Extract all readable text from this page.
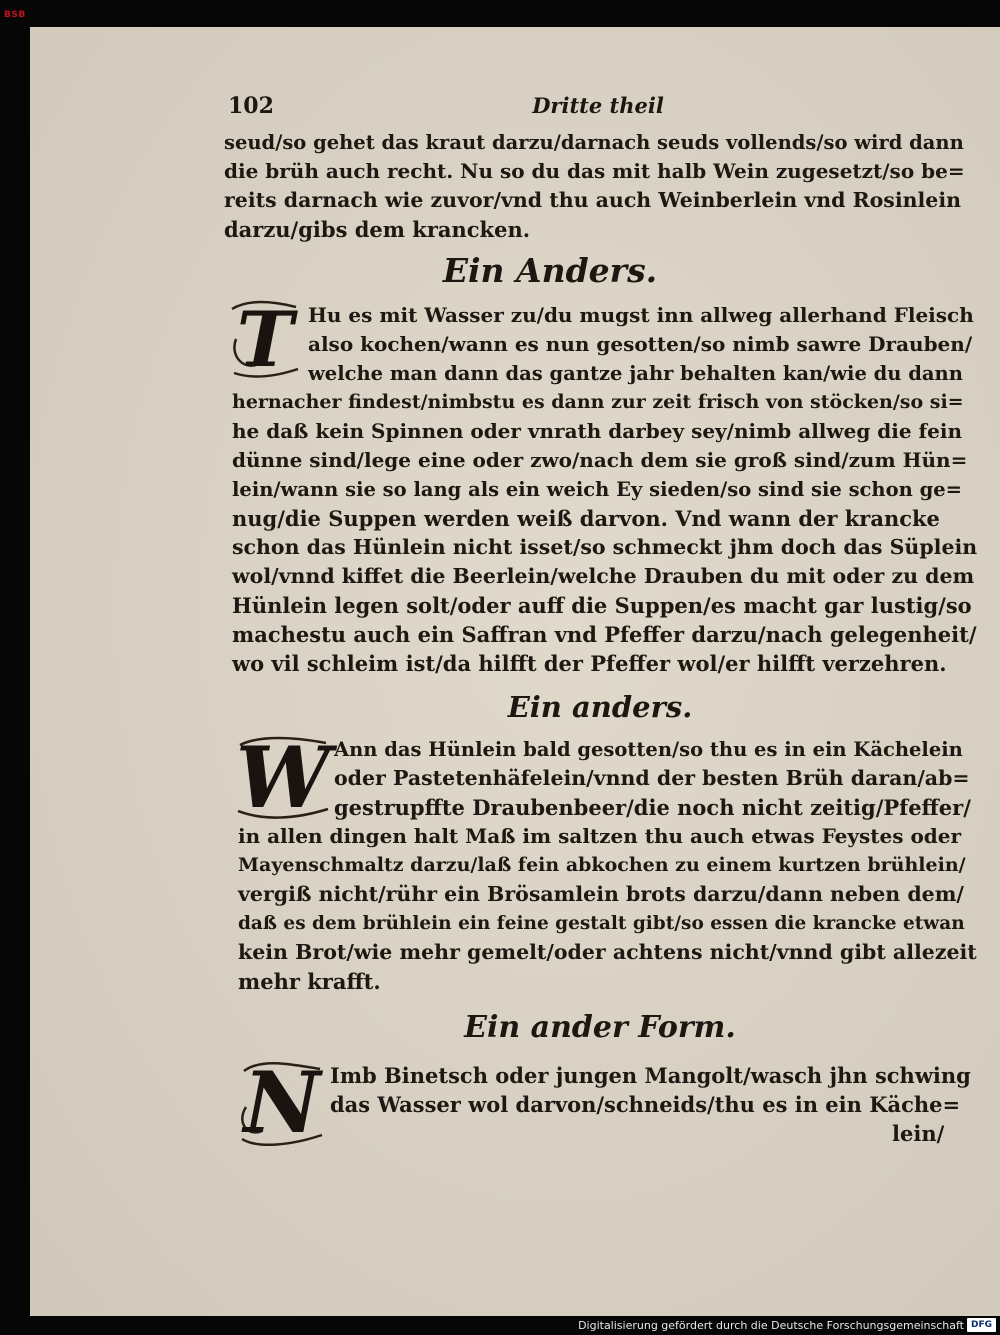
BSB
102	Dritte theil
seud/so gehet das kraut darzu/darnach seuds vollends/so wird dann
die brüh auch recht. Nu so du das mit halb Wein zugesetzt/so be=
reits darnach wie zuvor/vnd thu auch Weinberlein vnd Rosinlein
darzu/gibs dem krancken.
Ein Anders.
T Hu es mit Wasser zu/du mugst inn allweg allerhand Fleisch
also kochen/wann es nun gesotten/so nimb sawre Drauben/
welche man dann das gantze jahr behalten kan/wie du dann
hernacher findest/nimbstu es dann zur zeit frisch von stöcken/so si=
he daß kein Spinnen oder vnrath darbey sey/nimb allweg die fein
dünne sind/lege eine oder zwo/nach dem sie groß sind/zum Hün=
lein/wann sie so lang als ein weich Ey sieden/so sind sie schon ge=
nug/die Suppen werden weiß darvon. Vnd wann der krancke
schon das Hünlein nicht isset/so schmeckt jhm doch das Süplein
wol/vnnd kiffet die Beerlein/welche Drauben du mit oder zu dem
Hünlein legen solt/oder auff die Suppen/es macht gar lustig/so
machestu auch ein Saffran vnd Pfeffer darzu/nach gelegenheit/
wo vil schleim ist/da hilfft der Pfeffer wol/er hilfft verzehren.
Ein anders.
W Ann das Hünlein bald gesotten/so thu es in ein Kächelein
oder Pastetenhäfelein/vnnd der besten Brüh daran/ab=
gestrupffte Draubenbeer/die noch nicht zeitig/Pfeffer/
in allen dingen halt Maß im saltzen thu auch etwas Feystes oder
Mayenschmaltz darzu/laß fein abkochen zu einem kurtzen brühlein/
vergiß nicht/rühr ein Brösamlein brots darzu/dann neben dem/
daß es dem brühlein ein feine gestalt gibt/so essen die krancke etwan
kein Brot/wie mehr gemelt/oder achtens nicht/vnnd gibt allezeit
mehr krafft.
Ein ander Form.
N Imb Binetsch oder jungen Mangolt/wasch jhn schwing
das Wasser wol darvon/schneids/thu es in ein Käche=
lein/
Digitalisierung gefördert durch die Deutsche Forschungsgemeinschaft DFG
